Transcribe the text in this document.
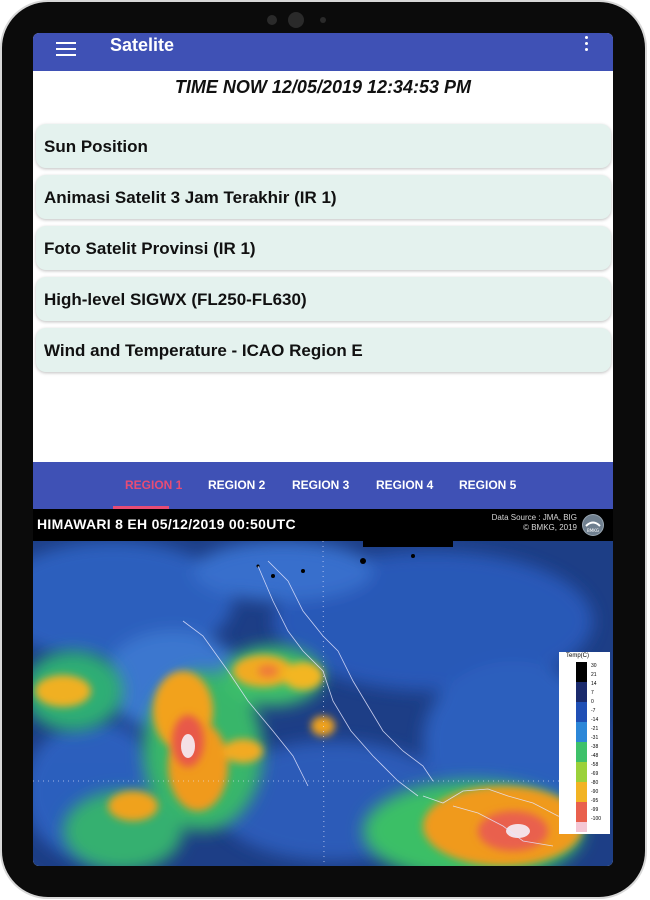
Satelite
TIME NOW 12/05/2019 12:34:53 PM
Sun Position
Animasi Satelit 3 Jam Terakhir (IR 1)
Foto Satelit Provinsi (IR 1)
High-level SIGWX (FL250-FL630)
Wind and Temperature - ICAO Region E
REGION 1 REGION 2 REGION 3 REGION 4 REGION 5
HIMAWARI 8 EH 05/12/2019 00:50UTC	Data Source : JMA, BIG
© BMKG, 2019	BMKG
Temp(C)
30
21
14
7
0
-7
-14
-21
-31
-38
-48
-58
-69
-80
-90
-95
-99
-100
